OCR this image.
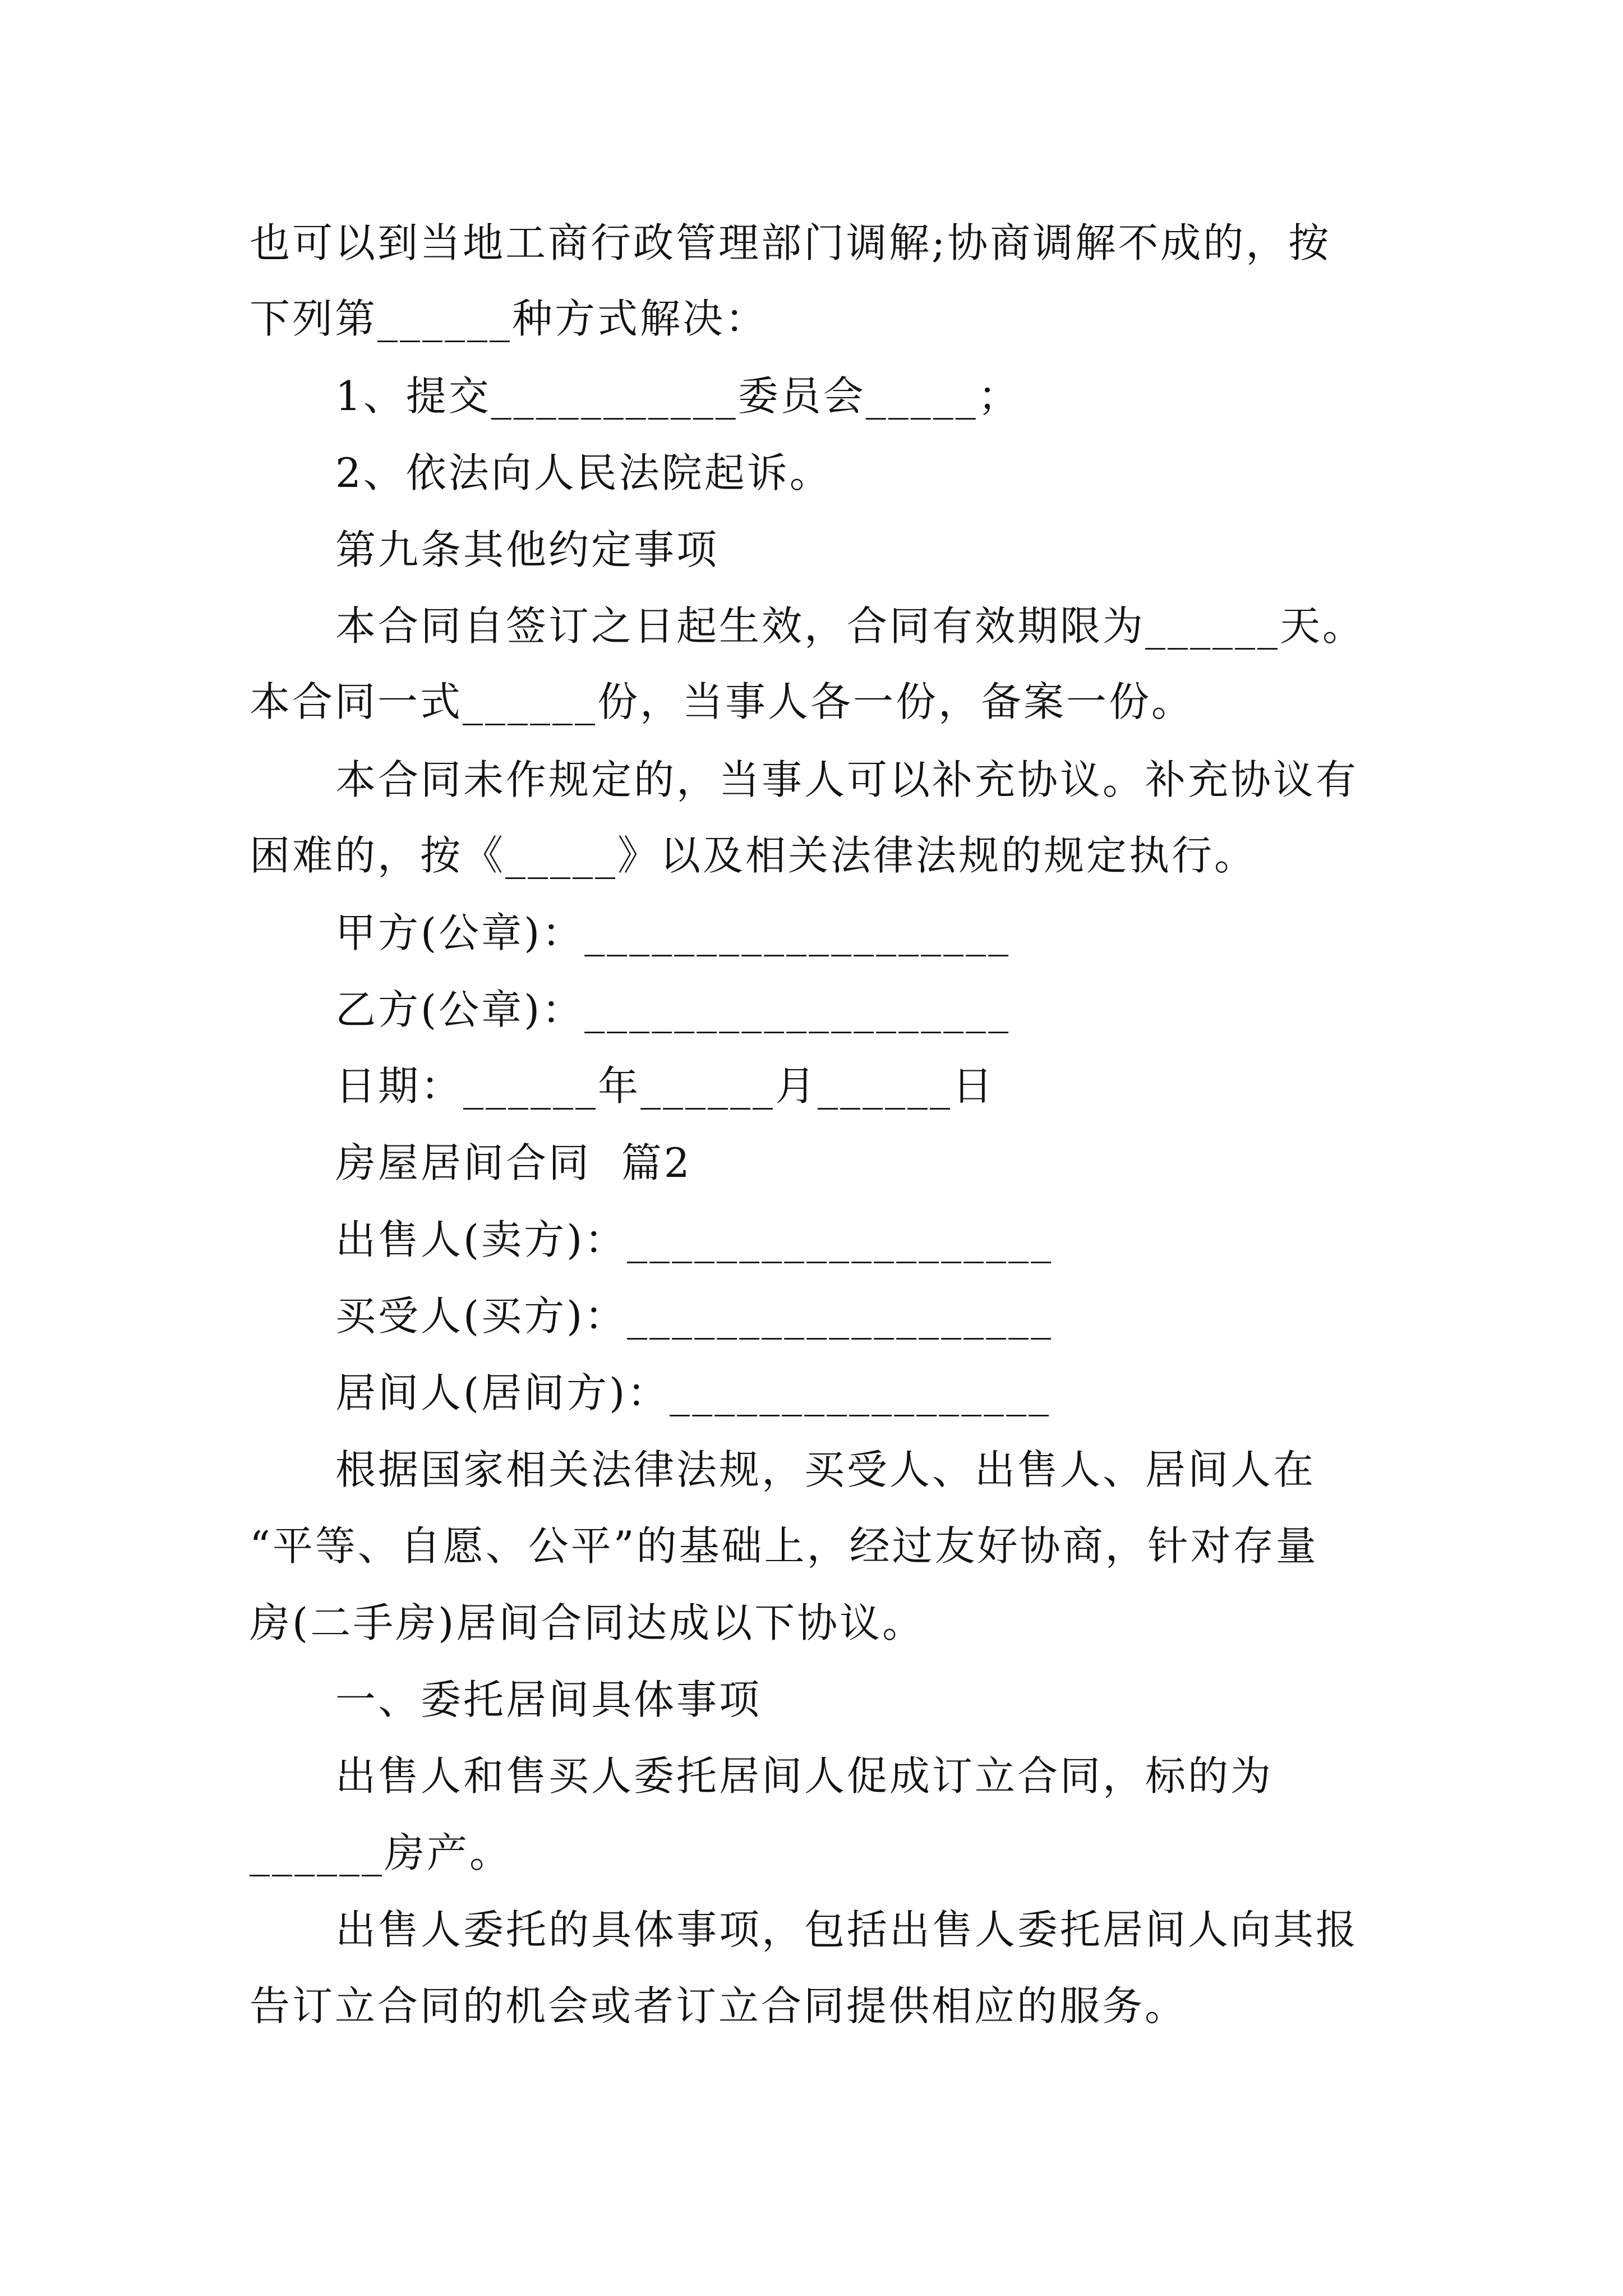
也可以到当地工商行政管理部门调解;协商调解不成的，按
下列第______种方式解决：
1、提交___________委员会_____；
2、依法向人民法院起诉。
第九条其他约定事项
本合同自签订之日起生效，合同有效期限为______天。
本合同一式______份，当事人各一份，备案一份。
本合同未作规定的，当事人可以补充协议。补充协议有
困难的，按《_____》以及相关法律法规的规定执行。
甲方(公章)：___________________
乙方(公章)：___________________
日期：______年______月______日
房屋居间合同  篇2
出售人(卖方)：___________________
买受人(买方)：___________________
居间人(居间方)：_________________
根据国家相关法律法规，买受人、出售人、居间人在
“平等、自愿、公平”的基础上，经过友好协商，针对存量
房(二手房)居间合同达成以下协议。
一、委托居间具体事项
出售人和售买人委托居间人促成订立合同，标的为
______房产。
出售人委托的具体事项，包括出售人委托居间人向其报
告订立合同的机会或者订立合同提供相应的服务。
